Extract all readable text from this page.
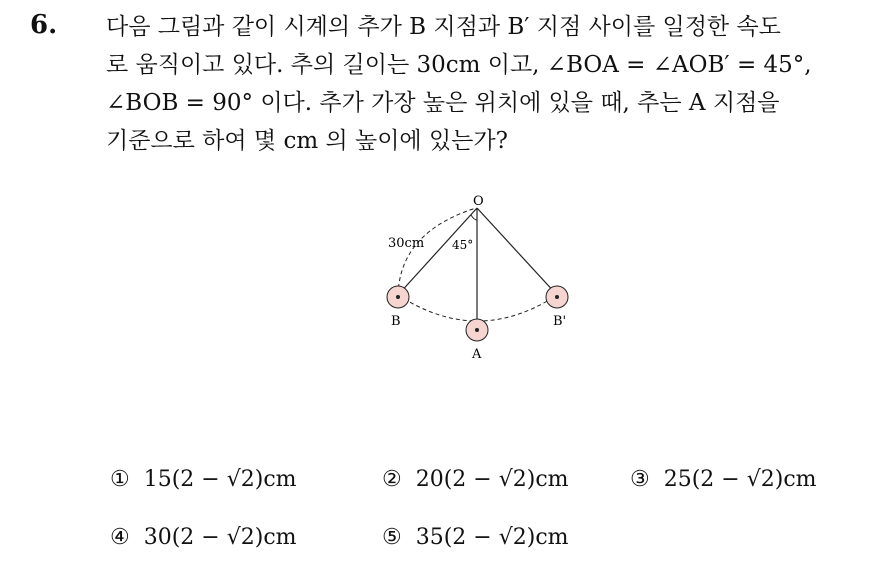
6. 다음 그림과 같이 시계의 추가 B 지점과 B′ 지점 사이를 일정한 속도
로 움직이고 있다. 추의 길이는 30cm 이고, ∠BOA = ∠AOB′ = 45°,
∠BOB = 90° 이다. 추가 가장 높은 위치에 있을 때, 추는 A 지점을
기준으로 하여 몇 cm 의 높이에 있는가?
O
30cm 45°
B	B'
A
① 15(2 − √2)cm	② 20(2 − √2)cm	③ 25(2 − √2)cm
④ 30(2 − √2)cm	⑤ 35(2 − √2)cm
